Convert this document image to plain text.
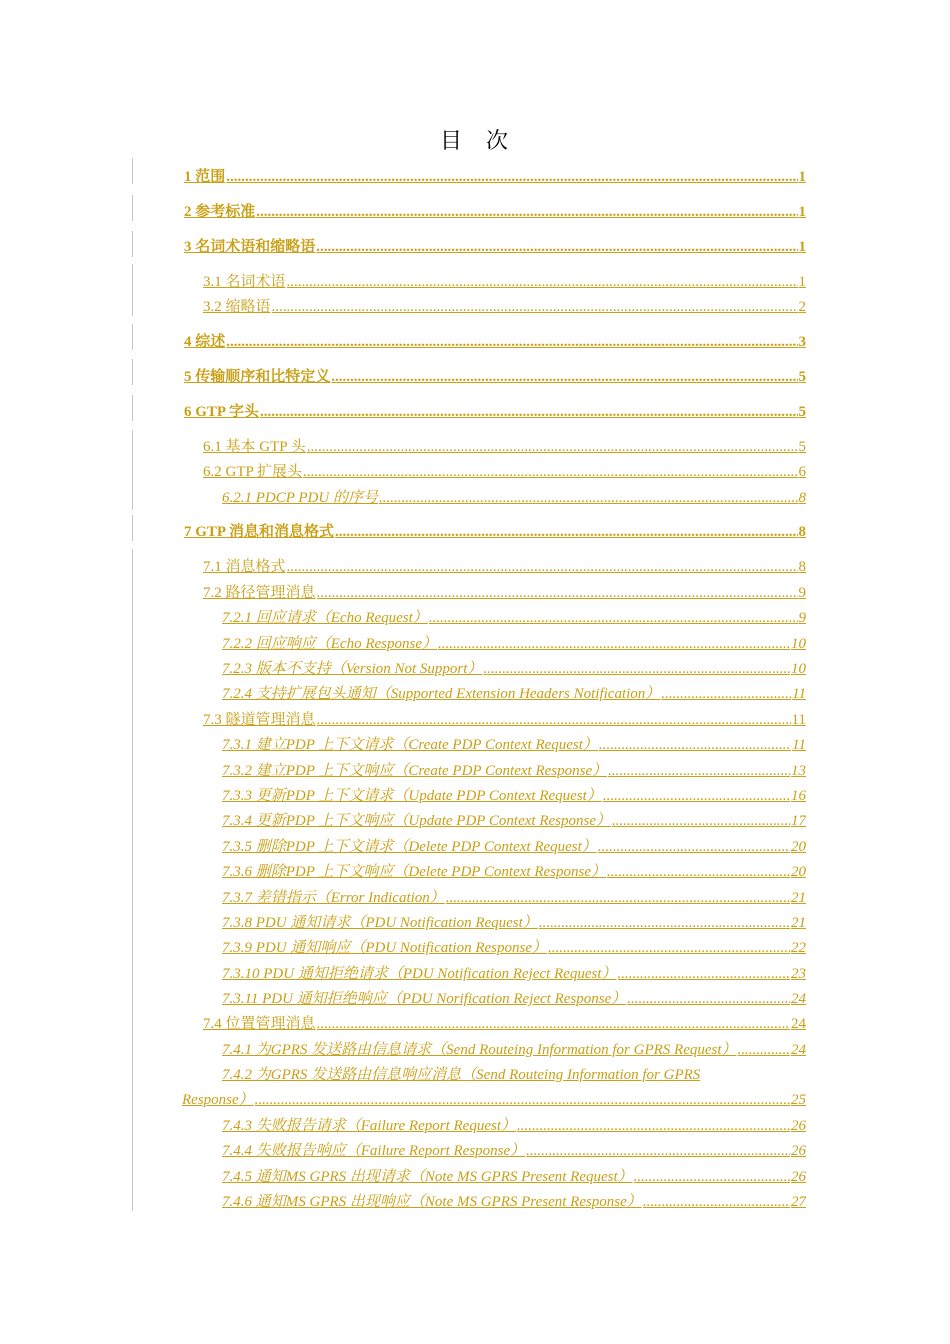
目 次
1 范围 .....	1
2 参考标准 .....	1
3 名词术语和缩略语 .....	1
3.1 名词术语 .....	1
3.2 缩略语 .....	2
4 综述 .....	3
5 传输顺序和比特定义 .....	5
6 GTP 字头 .....	5
6.1 基本 GTP 头 .....	5
6.2 GTP 扩展头 .....	6
6.2.1 PDCP PDU 的序号 .....	8
7 GTP 消息和消息格式 .....	8
7.1 消息格式 .....	8
7.2 路径管理消息 .....	9
7.2.1 回应请求（Echo Request） .....	9
7.2.2 回应响应（Echo Response） .....	10
7.2.3 版本不支持（Version Not Support） .....	10
7.2.4 支持扩展包头通知（Supported Extension Headers Notification） .....	11
7.3 隧道管理消息 .....	11
7.3.1 建立PDP 上下文请求（Create PDP Context Request） .....	11
7.3.2 建立PDP 上下文响应（Create PDP Context Response） .....	13
7.3.3 更新PDP 上下文请求（Update PDP Context Request） .....	16
7.3.4 更新PDP 上下文响应（Update PDP Context Response） .....	17
7.3.5 删除PDP 上下文请求（Delete PDP Context Request） .....	20
7.3.6 删除PDP 上下文响应（Delete PDP Context Response） .....	20
7.3.7 差错指示（Error Indication） .....	21
7.3.8 PDU 通知请求（PDU Notification Request） .....	21
7.3.9 PDU 通知响应（PDU Notification Response） .....	22
7.3.10 PDU 通知拒绝请求（PDU Notification Reject Request） .....	23
7.3.11 PDU 通知拒绝响应（PDU Norification Reject Response） .....	24
7.4 位置管理消息 .....	24
7.4.1 为GPRS 发送路由信息请求（Send Routeing Information for GPRS Request） .....	24
7.4.2 为GPRS 发送路由信息响应消息（Send Routeing Information for GPRS
Response） .....	25
7.4.3 失败报告请求（Failure Report Request） .....	26
7.4.4 失败报告响应（Failure Report Response） .....	26
7.4.5 通知MS GPRS 出现请求（Note MS GPRS Present Request） .....	26
7.4.6 通知MS GPRS 出现响应（Note MS GPRS Present Response） .....	27
